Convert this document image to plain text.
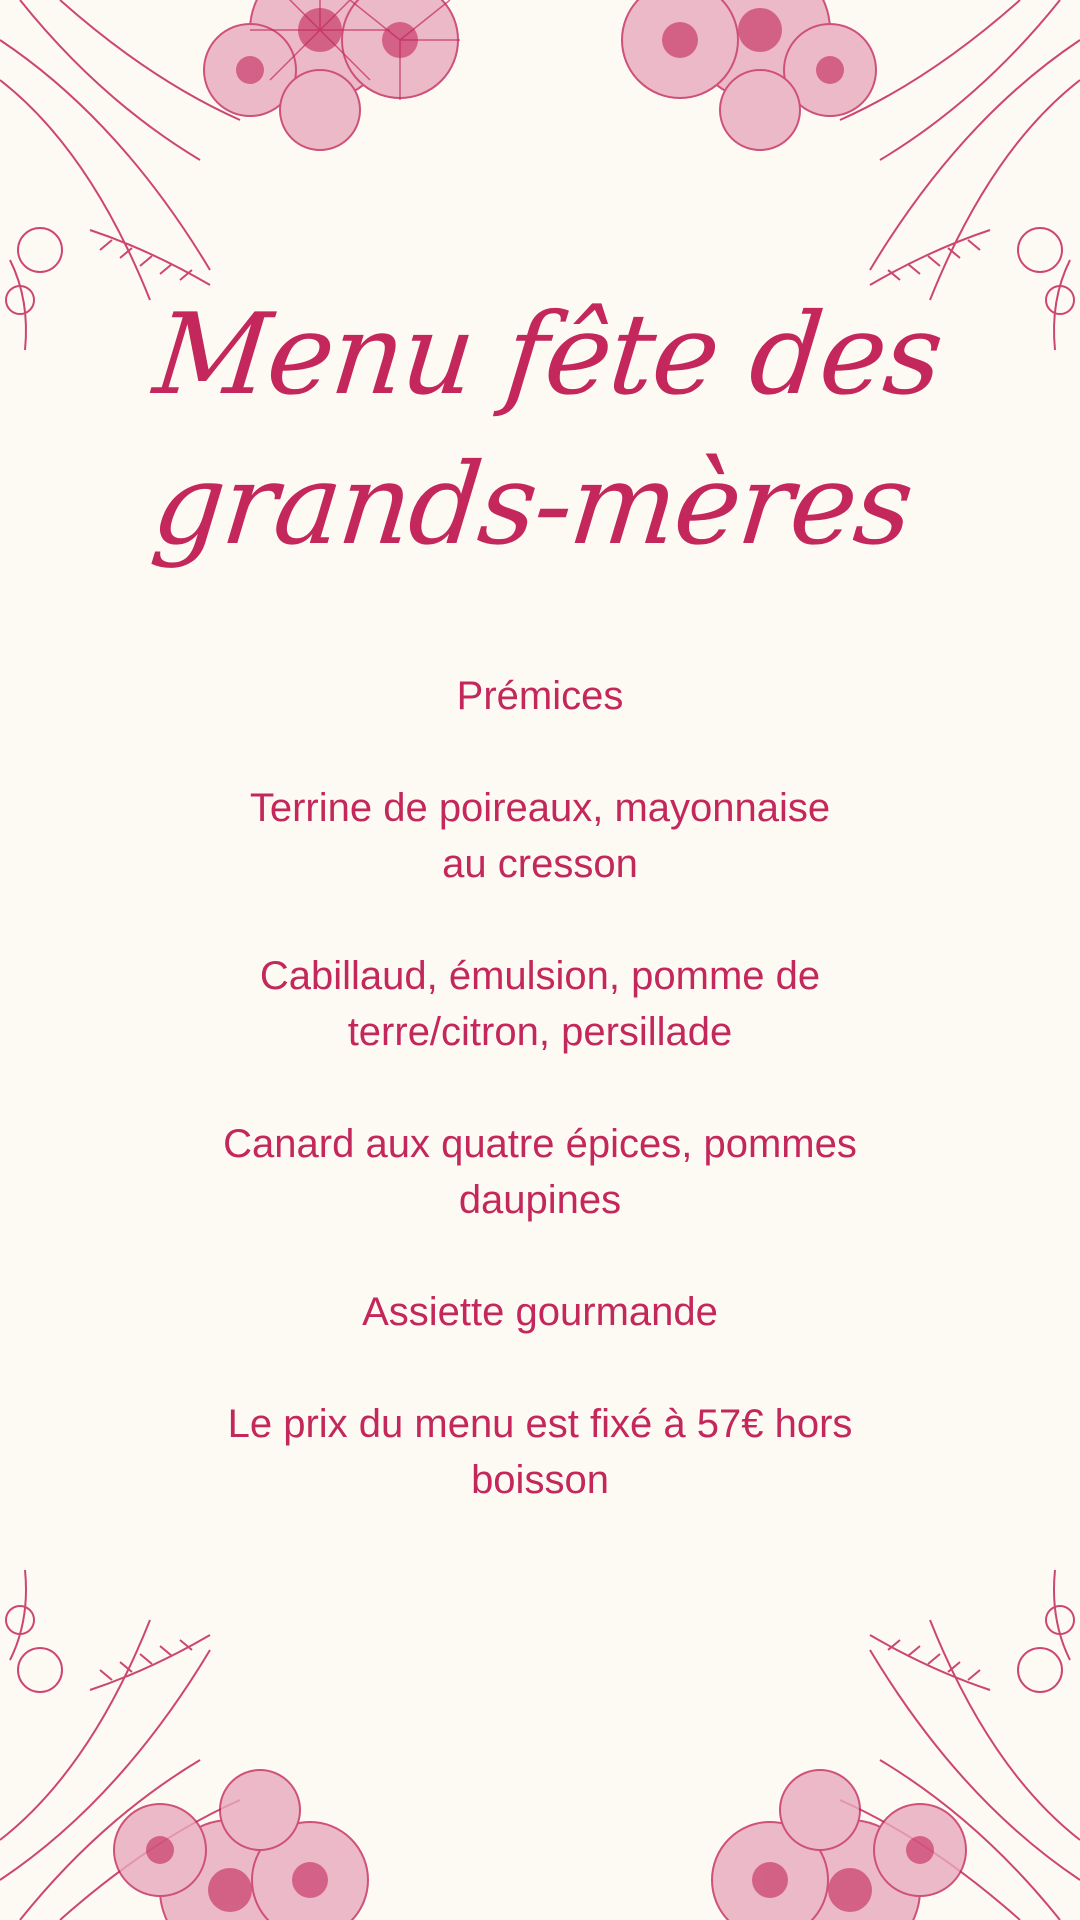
Menu fête des
grands-mères
Prémices
Terrine de poireaux, mayonnaise
au cresson
Cabillaud, émulsion, pomme de
terre/citron, persillade
Canard aux quatre épices, pommes
daupines
Assiette gourmande
Le prix du menu est fixé à 57€ hors
boisson
